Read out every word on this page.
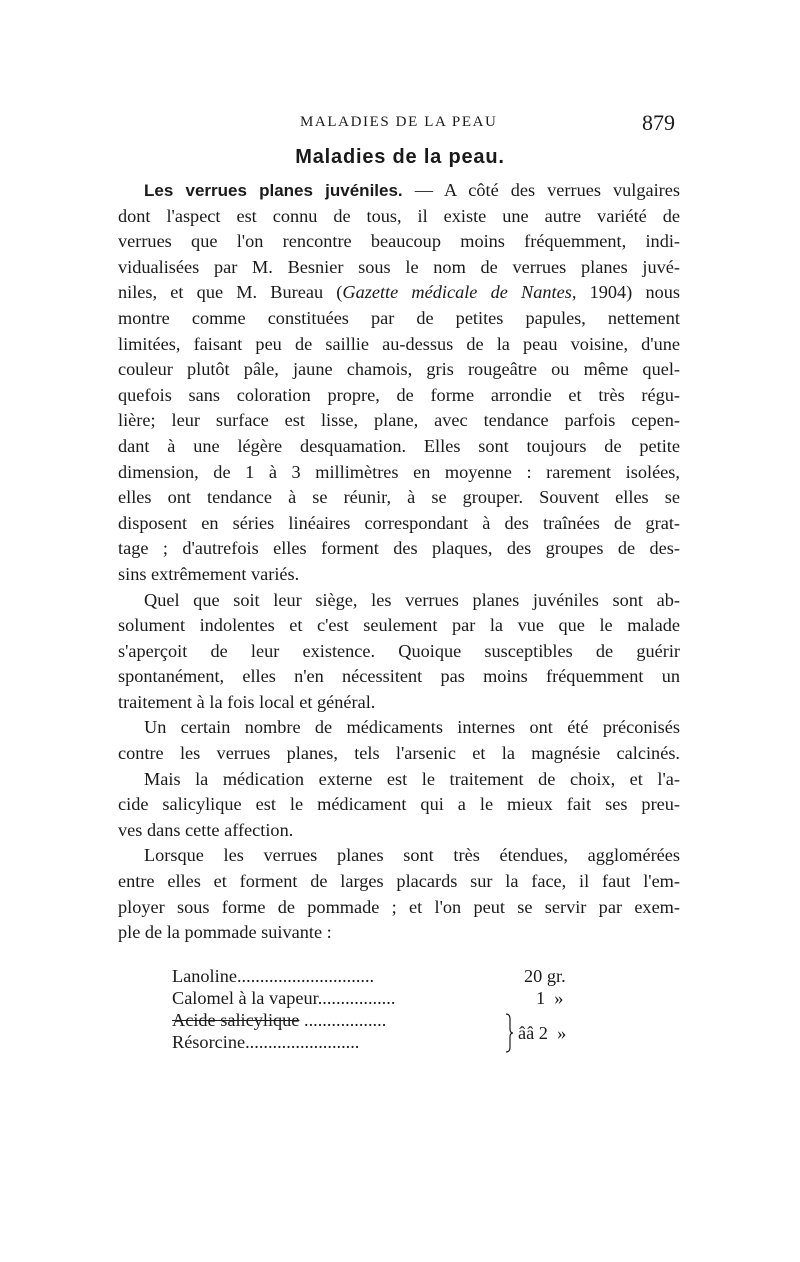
MALADIES DE LA PEAU	879
Maladies de la peau.
Les verrues planes juvéniles. — A côté des verrues vulgaires
dont l'aspect est connu de tous, il existe une autre variété de
verrues que l'on rencontre beaucoup moins fréquemment, indi-
vidualisées par M. Besnier sous le nom de verrues planes juvé-
niles, et que M. Bureau (Gazette médicale de Nantes, 1904) nous
montre comme constituées par de petites papules, nettement
limitées, faisant peu de saillie au-dessus de la peau voisine, d'une
couleur plutôt pâle, jaune chamois, gris rougeâtre ou même quel-
quefois sans coloration propre, de forme arrondie et très régu-
lière; leur surface est lisse, plane, avec tendance parfois cepen-
dant à une légère desquamation. Elles sont toujours de petite
dimension, de 1 à 3 millimètres en moyenne : rarement isolées,
elles ont tendance à se réunir, à se grouper. Souvent elles se
disposent en séries linéaires correspondant à des traînées de grat-
tage ; d'autrefois elles forment des plaques, des groupes de des-
sins extrêmement variés.
Quel que soit leur siège, les verrues planes juvéniles sont ab-
solument indolentes et c'est seulement par la vue que le malade
s'aperçoit de leur existence. Quoique susceptibles de guérir
spontanément, elles n'en nécessitent pas moins fréquemment un
traitement à la fois local et général.
Un certain nombre de médicaments internes ont été préconisés
contre les verrues planes, tels l'arsenic et la magnésie calcinés.
Mais la médication externe est le traitement de choix, et l'a-
cide salicylique est le médicament qui a le mieux fait ses preu-
ves dans cette affection.
Lorsque les verrues planes sont très étendues, agglomérées
entre elles et forment de larges placards sur la face, il faut l'em-
ployer sous forme de pommade ; et l'on peut se servir par exem-
ple de la pommade suivante :
Lanoline..............................	20 gr.
Calomel à la vapeur.................	1 »
Acide salicylique ..................
Résorcine.........................	ââ 2 »
